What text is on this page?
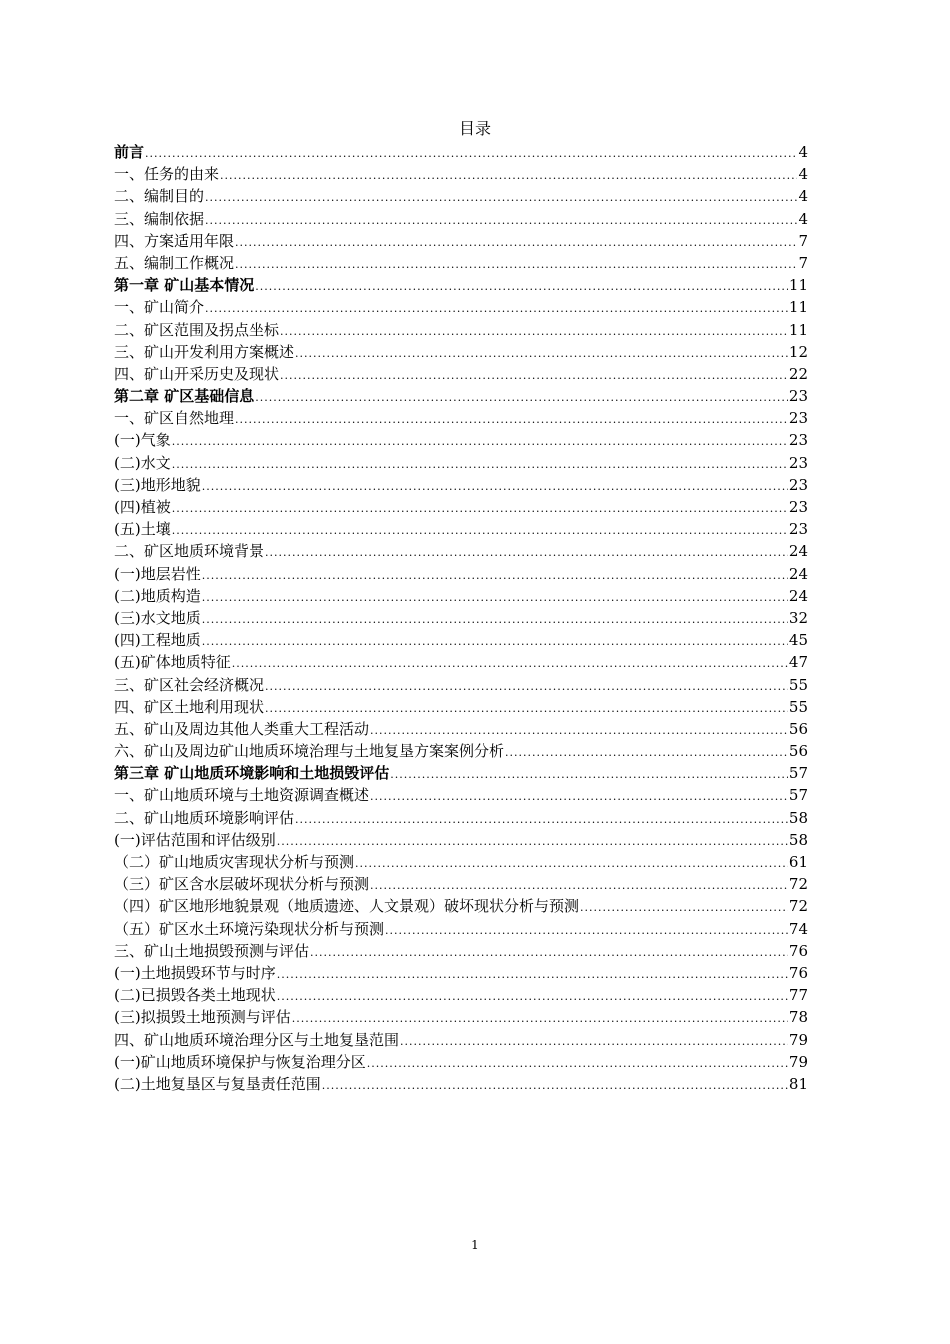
目录
前言 .....	4
一、任务的由来 .....	4
二、编制目的 .....	4
三、编制依据 .....	4
四、方案适用年限 .....	7
五、编制工作概况 .....	7
第一章 矿山基本情况 .....	11
一、矿山简介 .....	11
二、矿区范围及拐点坐标 .....	11
三、矿山开发利用方案概述 .....	12
四、矿山开采历史及现状 .....	22
第二章 矿区基础信息 .....	23
一、矿区自然地理 .....	23
(一)气象 .....	23
(二)水文 .....	23
(三)地形地貌 .....	23
(四)植被 .....	23
(五)土壤 .....	23
二、矿区地质环境背景 .....	24
(一)地层岩性 .....	24
(二)地质构造 .....	24
(三)水文地质 .....	32
(四)工程地质 .....	45
(五)矿体地质特征 .....	47
三、矿区社会经济概况 .....	55
四、矿区土地利用现状 .....	55
五、矿山及周边其他人类重大工程活动 .....	56
六、矿山及周边矿山地质环境治理与土地复垦方案案例分析 .....	56
第三章 矿山地质环境影响和土地损毁评估 .....	57
一、矿山地质环境与土地资源调查概述 .....	57
二、矿山地质环境影响评估 .....	58
(一)评估范围和评估级别 .....	58
（二）矿山地质灾害现状分析与预测 .....	61
（三）矿区含水层破坏现状分析与预测 .....	72
（四）矿区地形地貌景观（地质遗迹、人文景观）破坏现状分析与预测 .....	72
（五）矿区水土环境污染现状分析与预测 .....	74
三、矿山土地损毁预测与评估 .....	76
(一)土地损毁环节与时序 .....	76
(二)已损毁各类土地现状 .....	77
(三)拟损毁土地预测与评估 .....	78
四、矿山地质环境治理分区与土地复垦范围 .....	79
(一)矿山地质环境保护与恢复治理分区 .....	79
(二)土地复垦区与复垦责任范围 .....	81
1
